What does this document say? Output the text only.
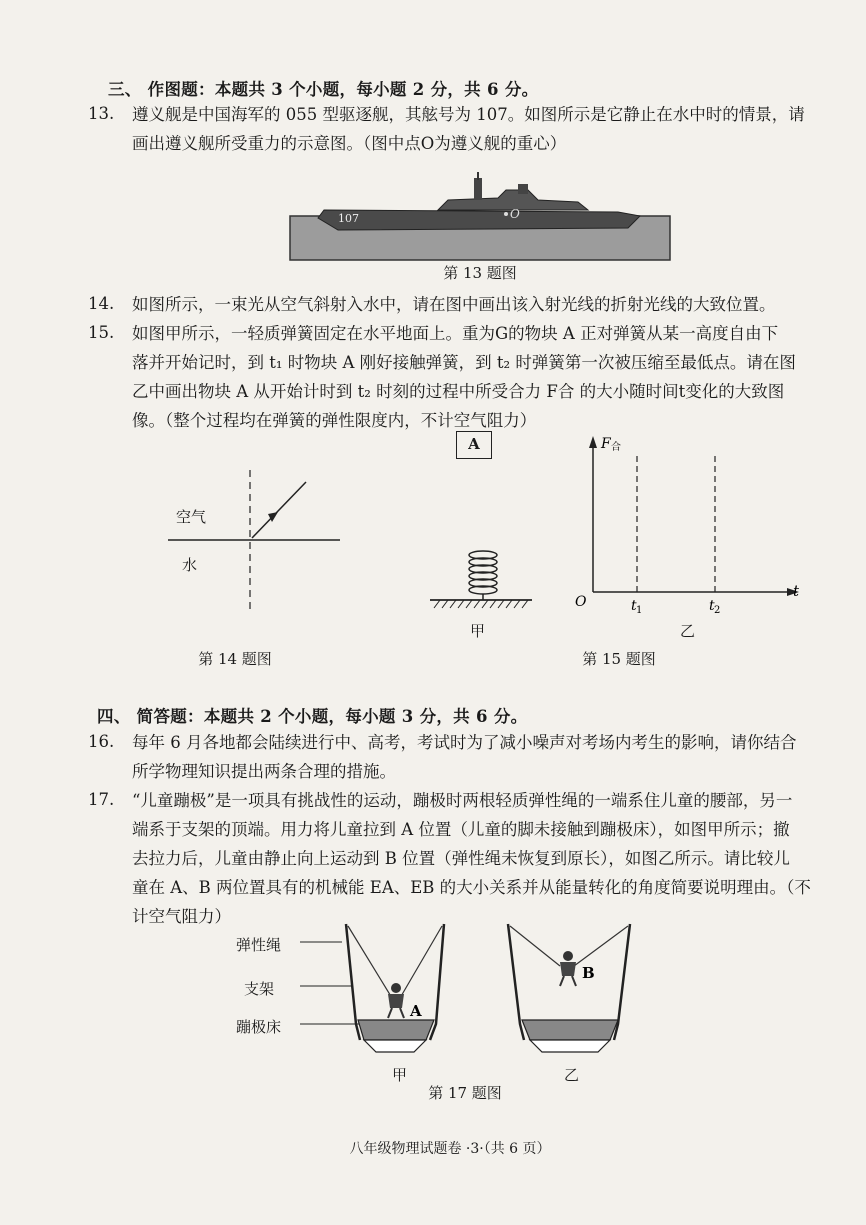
三、 作图题：本题共 3 个小题，每小题 2 分，共 6 分。
13. 遵义舰是中国海军的 055 型驱逐舰，其舷号为 107。如图所示是它静止在水中时的情景，请
画出遵义舰所受重力的示意图。（图中点O为遵义舰的重心）
107	O
第 13 题图
14. 如图所示，一束光从空气斜射入水中，请在图中画出该入射光线的折射光线的大致位置。
15. 如图甲所示，一轻质弹簧固定在水平地面上。重为G的物块 A 正对弹簧从某一高度自由下
落并开始记时，到 t₁ 时物块 A 刚好接触弹簧，到 t₂ 时弹簧第一次被压缩至最低点。请在图
乙中画出物块 A 从开始计时到 t₂ 时刻的过程中所受合力 F合 的大小随时间t变化的大致图
像。（整个过程均在弹簧的弹性限度内，不计空气阻力）
空气
水
第 14 题图
A
甲
F 合
t
O	t 1	t 2
乙
第 15 题图
四、 简答题：本题共 2 个小题，每小题 3 分，共 6 分。
16. 每年 6 月各地都会陆续进行中、高考，考试时为了减小噪声对考场内考生的影响，请你结合
所学物理知识提出两条合理的措施。
17. “儿童蹦极”是一项具有挑战性的运动，蹦极时两根轻质弹性绳的一端系住儿童的腰部，另一
端系于支架的顶端。用力将儿童拉到 A 位置（儿童的脚未接触到蹦极床），如图甲所示；撤
去拉力后，儿童由静止向上运动到 B 位置（弹性绳未恢复到原长），如图乙所示。请比较儿
童在 A、B 两位置具有的机械能 EA、EB 的大小关系并从能量转化的角度简要说明理由。（不
计空气阻力）
弹性绳
支架
蹦极床
A
甲
B
乙
第 17 题图
八年级物理试题卷 ·3·（共 6 页）
